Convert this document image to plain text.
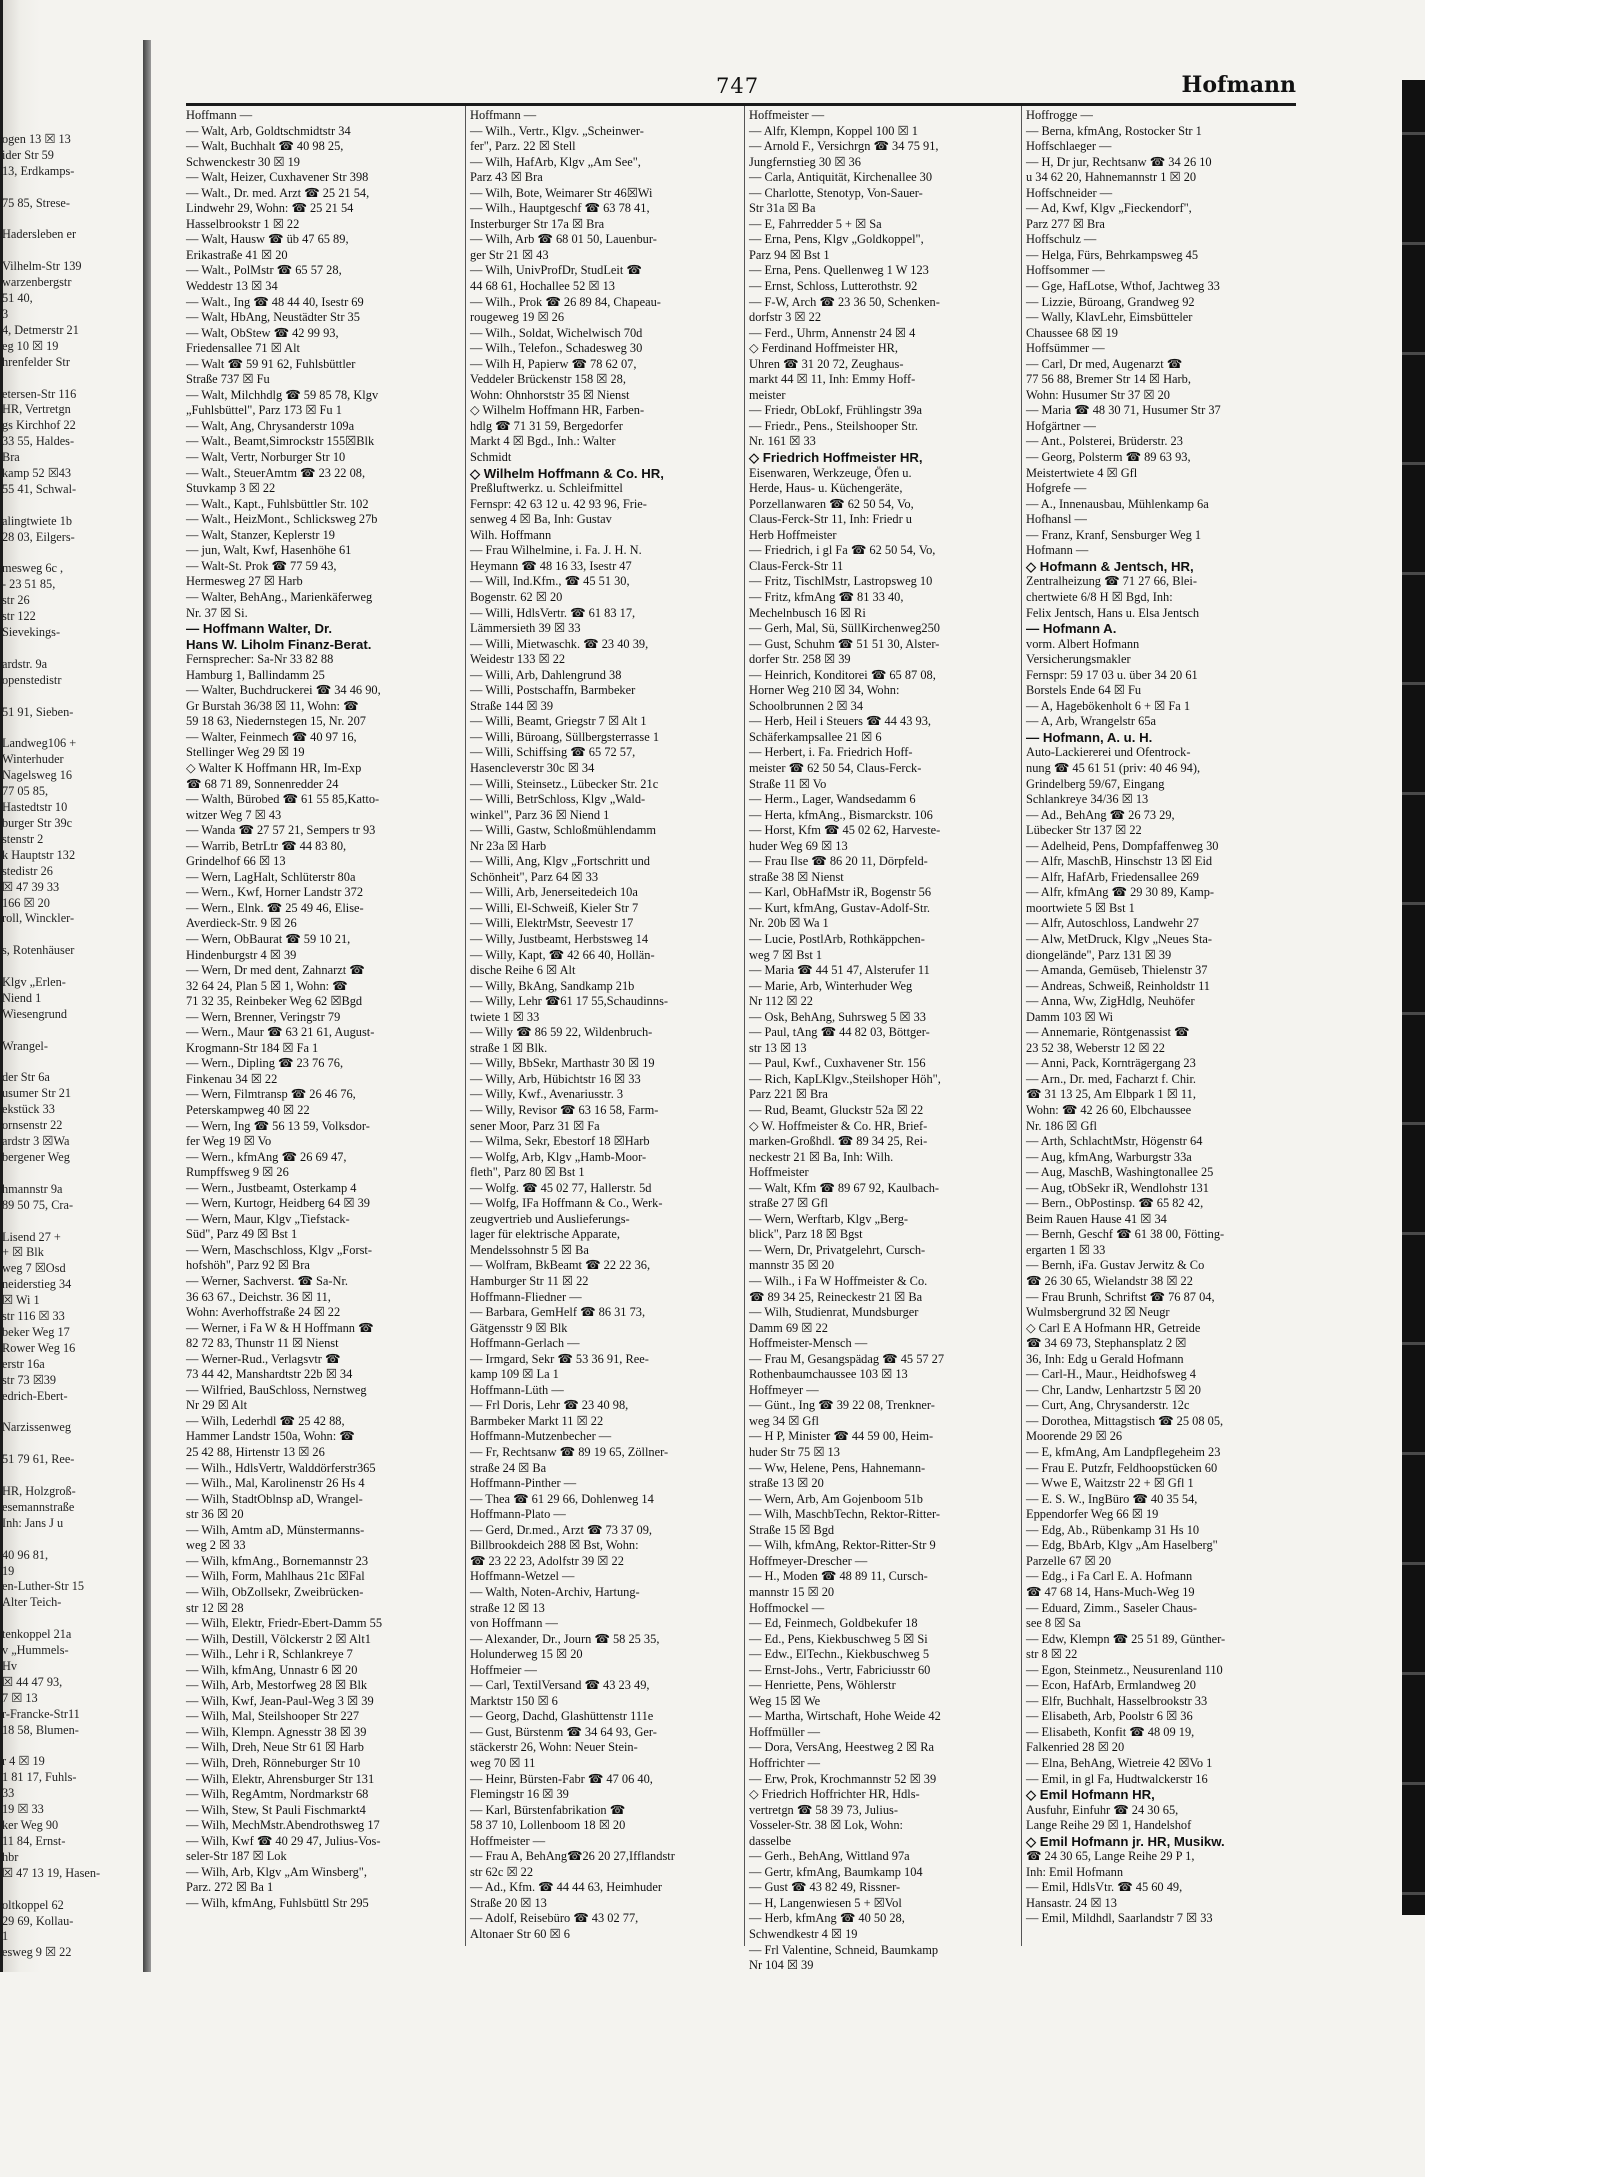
ogen 13 ☒ 13
ider Str 59
13, Erdkamps-

75 85, Strese-

Hadersleben er

Vilhelm-Str 139
warzenbergstr
51 40,
3
4, Detmerstr 21
eg 10 ☒ 19
hrenfelder Str

etersen-Str 116
HR, Vertretgn
gs Kirchhof 22
33 55, Haldes-
Bra
kamp 52 ☒43
55 41, Schwal-

alingtwiete 1b
28 03, Eilgers-

mesweg 6c ,
- 23 51 85,
str 26
str 122
Sievekings-

ardstr. 9a
openstedistr

51 91, Sieben-

Landweg106 +
Winterhuder
Nagelsweg 16
77 05 85,
Hastedtstr 10
burger Str 39c
stenstr 2
k Hauptstr 132
stedistr 26
☒ 47 39 33
166 ☒ 20
roll, Winckler-

s, Rotenhäuser

Klgv „Erlen-
Niend 1
Wiesengrund

Wrangel-

der Str 6a
usumer Str 21
ekstück 33
ornsenstr 22
ardstr 3 ☒Wa
bergener Weg

hmannstr 9a
89 50 75, Cra-

Lisend 27 +
+ ☒ Blk
weg 7 ☒Osd
neiderstieg 34
☒ Wi 1
str 116 ☒ 33
beker Weg 17
Rower Weg 16
erstr 16a
str 73 ☒39
edrich-Ebert-

Narzissenweg

51 79 61, Ree-

HR, Holzgroß-
esemannstraße
Inh: Jans J u

40 96 81,
19
en-Luther-Str 15
Alter Teich-

tenkoppel 21a
v „Hummels-
Hv
☒ 44 47 93,
7 ☒ 13
r-Francke-Str11
18 58, Blumen-

r 4 ☒ 19
1 81 17, Fuhls-
33
19 ☒ 33
ker Weg 90
11 84, Ernst-
hbr
☒ 47 13 19, Hasen-

oltkoppel 62
29 69, Kollau-
1
esweg 9 ☒ 22
747	Hofmann
Hoffmann —
— Walt, Arb, Goldtschmidtstr 34
— Walt, Buchhalt ☎ 40 98 25,
Schwenckestr 30 ☒ 19
— Walt, Heizer, Cuxhavener Str 398
— Walt., Dr. med. Arzt ☎ 25 21 54,
Lindwehr 29, Wohn: ☎ 25 21 54
Hasselbrookstr 1 ☒ 22
— Walt, Hausw ☎ üb 47 65 89,
Erikastraße 41 ☒ 20
— Walt., PolMstr ☎ 65 57 28,
Weddestr 13 ☒ 34
— Walt., Ing ☎ 48 44 40, Isestr 69
— Walt, HbAng, Neustädter Str 35
— Walt, ObStew ☎ 42 99 93,
Friedensallee 71 ☒ Alt
— Walt ☎ 59 91 62, Fuhlsbüttler
Straße 737 ☒ Fu
— Walt, Milchhdlg ☎ 59 85 78, Klgv
„Fuhlsbüttel", Parz 173 ☒ Fu 1
— Walt, Ang, Chrysanderstr 109a
— Walt., Beamt,Simrockstr 155☒Blk
— Walt, Vertr, Norburger Str 10
— Walt., SteuerAmtm ☎ 23 22 08,
Stuvkamp 3 ☒ 22
— Walt., Kapt., Fuhlsbüttler Str. 102
— Walt., HeizMont., Schlicksweg 27b
— Walt, Stanzer, Keplerstr 19
— jun, Walt, Kwf, Hasenhöhe 61
— Walt-St. Prok ☎ 77 59 43,
Hermesweg 27 ☒ Harb
— Walter, BehAng., Marienkäferweg
Nr. 37 ☒ Si.
— Hoffmann Walter, Dr.
Hans W. Liholm Finanz-Berat.
Fernsprecher: Sa-Nr 33 82 88
Hamburg 1, Ballindamm 25
— Walter, Buchdruckerei ☎ 34 46 90,
Gr Burstah 36/38 ☒ 11, Wohn: ☎
59 18 63, Niedernstegen 15, Nr. 207
— Walter, Feinmech ☎ 40 97 16,
Stellinger Weg 29 ☒ 19
◇ Walter K Hoffmann HR, Im-Exp
☎ 68 71 89, Sonnenredder 24
— Walth, Bürobed ☎ 61 55 85,Katto-
witzer Weg 7 ☒ 43
— Wanda ☎ 27 57 21, Sempers tr 93
— Warrib, BetrLtr ☎ 44 83 80,
Grindelhof 66 ☒ 13
— Wern, LagHalt, Schlüterstr 80a
— Wern., Kwf, Horner Landstr 372
— Wern., Elnk. ☎ 25 49 46, Elise-
Averdieck-Str. 9 ☒ 26
— Wern, ObBaurat ☎ 59 10 21,
Hindenburgstr 4 ☒ 39
— Wern, Dr med dent, Zahnarzt ☎
32 64 24, Plan 5 ☒ 1, Wohn: ☎
71 32 35, Reinbeker Weg 62 ☒Bgd
— Wern, Brenner, Veringstr 79
— Wern., Maur ☎ 63 21 61, August-
Krogmann-Str 184 ☒ Fa 1
— Wern., Dipling ☎ 23 76 76,
Finkenau 34 ☒ 22
— Wern, Filmtransp ☎ 26 46 76,
Peterskampweg 40 ☒ 22
— Wern, Ing ☎ 56 13 59, Volksdor-
fer Weg 19 ☒ Vo
— Wern., kfmAng ☎ 26 69 47,
Rumpffsweg 9 ☒ 26
— Wern., Justbeamt, Osterkamp 4
— Wern, Kurtogr, Heidberg 64 ☒ 39
— Wern, Maur, Klgv „Tiefstack-
Süd", Parz 49 ☒ Bst 1
— Wern, Maschschloss, Klgv „Forst-
hofshöh", Parz 92 ☒ Bra
— Werner, Sachverst. ☎ Sa-Nr.
36 63 67., Deichstr. 36 ☒ 11,
Wohn: Averhoffstraße 24 ☒ 22
— Werner, i Fa W & H Hoffmann ☎
82 72 83, Thunstr 11 ☒ Nienst
— Werner-Rud., Verlagsvtr ☎
73 44 42, Manshardtstr 22b ☒ 34
— Wilfried, BauSchloss, Nernstweg
Nr 29 ☒ Alt
— Wilh, Lederhdl ☎ 25 42 88,
Hammer Landstr 150a, Wohn: ☎
25 42 88, Hirtenstr 13 ☒ 26
— Wilh., HdlsVertr, Walddörferstr365
— Wilh., Mal, Karolinenstr 26 Hs 4
— Wilh, StadtOblnsp aD, Wrangel-
str 36 ☒ 20
— Wilh, Amtm aD, Münstermanns-
weg 2 ☒ 33
— Wilh, kfmAng., Bornemannstr 23
— Wilh, Form, Mahlhaus 21c ☒Fal
— Wilh, ObZollsekr, Zweibrücken-
str 12 ☒ 28
— Wilh, Elektr, Friedr-Ebert-Damm 55
— Wilh, Destill, Völckerstr 2 ☒ Alt1
— Wilh., Lehr i R, Schlankreye 7
— Wilh, kfmAng, Unnastr 6 ☒ 20
— Wilh, Arb, Mestorfweg 28 ☒ Blk
— Wilh, Kwf, Jean-Paul-Weg 3 ☒ 39
— Wilh, Mal, Steilshooper Str 227
— Wilh, Klempn. Agnesstr 38 ☒ 39
— Wilh, Dreh, Neue Str 61 ☒ Harb
— Wilh, Dreh, Rönneburger Str 10
— Wilh, Elektr, Ahrensburger Str 131
— Wilh, RegAmtm, Nordmarkstr 68
— Wilh, Stew, St Pauli Fischmarkt4
— Wilh, MechMstr.Abendrothsweg 17
— Wilh, Kwf ☎ 40 29 47, Julius-Vos-
seler-Str 187 ☒ Lok
— Wilh, Arb, Klgv „Am Winsberg",
Parz. 272 ☒ Ba 1
— Wilh, kfmAng, Fuhlsbüttl Str 295
Hoffmann —
— Wilh., Vertr., Klgv. „Scheinwer-
fer", Parz. 22 ☒ Stell
— Wilh, HafArb, Klgv „Am See",
Parz 43 ☒ Bra
— Wilh, Bote, Weimarer Str 46☒Wi
— Wilh., Hauptgeschf ☎ 63 78 41,
Insterburger Str 17a ☒ Bra
— Wilh, Arb ☎ 68 01 50, Lauenbur-
ger Str 21 ☒ 43
— Wilh, UnivProfDr, StudLeit ☎
44 68 61, Hochallee 52 ☒ 13
— Wilh., Prok ☎ 26 89 84, Chapeau-
rougeweg 19 ☒ 26
— Wilh., Soldat, Wichelwisch 70d
— Wilh., Telefon., Schadesweg 30
— Wilh H, Papierw ☎ 78 62 07,
Veddeler Brückenstr 158 ☒ 28,
Wohn: Ohnhorststr 35 ☒ Nienst
◇ Wilhelm Hoffmann HR, Farben-
hdlg ☎ 71 31 59, Bergedorfer
Markt 4 ☒ Bgd., Inh.: Walter
Schmidt
◇ Wilhelm Hoffmann & Co. HR,
Preßluftwerkz. u. Schleifmittel
Fernspr: 42 63 12 u. 42 93 96, Frie-
senweg 4 ☒ Ba, Inh: Gustav
Wilh. Hoffmann
— Frau Wilhelmine, i. Fa. J. H. N.
Heymann ☎ 48 16 33, Isestr 47
— Will, Ind.Kfm., ☎ 45 51 30,
Bogenstr. 62 ☒ 20
— Willi, HdlsVertr. ☎ 61 83 17,
Lämmersieth 39 ☒ 33
— Willi, Mietwaschk. ☎ 23 40 39,
Weidestr 133 ☒ 22
— Willi, Arb, Dahlengrund 38
— Willi, Postschaffn, Barmbeker
Straße 144 ☒ 39
— Willi, Beamt, Griegstr 7 ☒ Alt 1
— Willi, Büroang, Süllbergsterrasse 1
— Willi, Schiffsing ☎ 65 72 57,
Hasencleverstr 30c ☒ 34
— Willi, Steinsetz., Lübecker Str. 21c
— Willi, BetrSchloss, Klgv „Wald-
winkel", Parz 36 ☒ Niend 1
— Willi, Gastw, Schloßmühlendamm
Nr 23a ☒ Harb
— Willi, Ang, Klgv „Fortschritt und
Schönheit", Parz 64 ☒ 33
— Willi, Arb, Jenerseitedeich 10a
— Willi, El-Schweiß, Kieler Str 7
— Willi, ElektrMstr, Seevestr 17
— Willy, Justbeamt, Herbstsweg 14
— Willy, Kapt, ☎ 42 66 40, Hollän-
dische Reihe 6 ☒ Alt
— Willy, BkAng, Sandkamp 21b
— Willy, Lehr ☎61 17 55,Schaudinns-
twiete 1 ☒ 33
— Willy ☎ 86 59 22, Wildenbruch-
straße 1 ☒ Blk.
— Willy, BbSekr, Marthastr 30 ☒ 19
— Willy, Arb, Hübichtstr 16 ☒ 33
— Willy, Kwf., Avenariusstr. 3
— Willy, Revisor ☎ 63 16 58, Farm-
sener Moor, Parz 31 ☒ Fa
— Wilma, Sekr, Ebestorf 18 ☒Harb
— Wolfg, Arb, Klgv „Hamb-Moor-
fleth", Parz 80 ☒ Bst 1
— Wolfg. ☎ 45 02 77, Hallerstr. 5d
— Wolfg, IFa Hoffmann & Co., Werk-
zeugvertrieb und Auslieferungs-
lager für elektrische Apparate,
Mendelssohnstr 5 ☒ Ba
— Wolfram, BkBeamt ☎ 22 22 36,
Hamburger Str 11 ☒ 22
Hoffmann-Fliedner —
— Barbara, GemHelf ☎ 86 31 73,
Gätgensstr 9 ☒ Blk
Hoffmann-Gerlach —
— Irmgard, Sekr ☎ 53 36 91, Ree-
kamp 109 ☒ La 1
Hoffmann-Lüth —
— Frl Doris, Lehr ☎ 23 40 98,
Barmbeker Markt 11 ☒ 22
Hoffmann-Mutzenbecher —
— Fr, Rechtsanw ☎ 89 19 65, Zöllner-
straße 24 ☒ Ba
Hoffmann-Pinther —
— Thea ☎ 61 29 66, Dohlenweg 14
Hoffmann-Plato —
— Gerd, Dr.med., Arzt ☎ 73 37 09,
Billbrookdeich 288 ☒ Bst, Wohn:
☎ 23 22 23, Adolfstr 39 ☒ 22
Hoffmann-Wetzel —
— Walth, Noten-Archiv, Hartung-
straße 12 ☒ 13
von Hoffmann —
— Alexander, Dr., Journ ☎ 58 25 35,
Holunderweg 15 ☒ 20
Hoffmeier —
— Carl, TextilVersand ☎ 43 23 49,
Marktstr 150 ☒ 6
— Georg, Dachd, Glashüttenstr 111e
— Gust, Bürstenm ☎ 34 64 93, Ger-
stäckerstr 26, Wohn: Neuer Stein-
weg 70 ☒ 11
— Heinr, Bürsten-Fabr ☎ 47 06 40,
Flemingstr 16 ☒ 39
— Karl, Bürstenfabrikation ☎
58 37 10, Lollenboom 18 ☒ 20
Hoffmeister —
— Frau A, BehAng☎26 20 27,Ifflandstr
str 62c ☒ 22
— Ad., Kfm. ☎ 44 44 63, Heimhuder
Straße 20 ☒ 13
— Adolf, Reisebüro ☎ 43 02 77,
Altonaer Str 60 ☒ 6
Hoffmeister —
— Alfr, Klempn, Koppel 100 ☒ 1
— Arnold F., Versichrgn ☎ 34 75 91,
Jungfernstieg 30 ☒ 36
— Carla, Antiquität, Kirchenallee 30
— Charlotte, Stenotyp, Von-Sauer-
Str 31a ☒ Ba
— E, Fahrredder 5 + ☒ Sa
— Erna, Pens, Klgv „Goldkoppel",
Parz 94 ☒ Bst 1
— Erna, Pens. Quellenweg 1 W 123
— Ernst, Schloss, Lutterothstr. 92
— F-W, Arch ☎ 23 36 50, Schenken-
dorfstr 3 ☒ 22
— Ferd., Uhrm, Annenstr 24 ☒ 4
◇ Ferdinand Hoffmeister HR,
Uhren ☎ 31 20 72, Zeughaus-
markt 44 ☒ 11, Inh: Emmy Hoff-
meister
— Friedr, ObLokf, Frühlingstr 39a
— Friedr., Pens., Steilshooper Str.
Nr. 161 ☒ 33
◇ Friedrich Hoffmeister HR,
Eisenwaren, Werkzeuge, Öfen u.
Herde, Haus- u. Küchengeräte,
Porzellanwaren ☎ 62 50 54, Vo,
Claus-Ferck-Str 11, Inh: Friedr u
Herb Hoffmeister
— Friedrich, i gl Fa ☎ 62 50 54, Vo,
Claus-Ferck-Str 11
— Fritz, TischlMstr, Lastropsweg 10
— Fritz, kfmAng ☎ 81 33 40,
Mechelnbusch 16 ☒ Ri
— Gerh, Mal, Sü, SüllKirchenweg250
— Gust, Schuhm ☎ 51 51 30, Alster-
dorfer Str. 258 ☒ 39
— Heinrich, Konditorei ☎ 65 87 08,
Horner Weg 210 ☒ 34, Wohn:
Schoolbrunnen 2 ☒ 34
— Herb, Heil i Steuers ☎ 44 43 93,
Schäferkampsallee 21 ☒ 6
— Herbert, i. Fa. Friedrich Hoff-
meister ☎ 62 50 54, Claus-Ferck-
Straße 11 ☒ Vo
— Herm., Lager, Wandsedamm 6
— Herta, kfmAng., Bismarckstr. 106
— Horst, Kfm ☎ 45 02 62, Harveste-
huder Weg 69 ☒ 13
— Frau Ilse ☎ 86 20 11, Dörpfeld-
straße 38 ☒ Nienst
— Karl, ObHafMstr iR, Bogenstr 56
— Kurt, kfmAng, Gustav-Adolf-Str.
Nr. 20b ☒ Wa 1
— Lucie, PostlArb, Rothkäppchen-
weg 7 ☒ Bst 1
— Maria ☎ 44 51 47, Alsterufer 11
— Marie, Arb, Winterhuder Weg
Nr 112 ☒ 22
— Osk, BehAng, Suhrsweg 5 ☒ 33
— Paul, tAng ☎ 44 82 03, Böttger-
str 13 ☒ 13
— Paul, Kwf., Cuxhavener Str. 156
— Rich, KapLKlgv.,Steilshoper Höh",
Parz 221 ☒ Bra
— Rud, Beamt, Gluckstr 52a ☒ 22
◇ W. Hoffmeister & Co. HR, Brief-
marken-Großhdl. ☎ 89 34 25, Rei-
neckestr 21 ☒ Ba, Inh: Wilh.
Hoffmeister
— Walt, Kfm ☎ 89 67 92, Kaulbach-
straße 27 ☒ Gfl
— Wern, Werftarb, Klgv „Berg-
blick", Parz 18 ☒ Bgst
— Wern, Dr, Privatgelehrt, Cursch-
mannstr 35 ☒ 20
— Wilh., i Fa W Hoffmeister & Co.
☎ 89 34 25, Reineckestr 21 ☒ Ba
— Wilh, Studienrat, Mundsburger
Damm 69 ☒ 22
Hoffmeister-Mensch —
— Frau M, Gesangspädag ☎ 45 57 27
Rothenbaumchaussee 103 ☒ 13
Hoffmeyer —
— Günt., Ing ☎ 39 22 08, Trenkner-
weg 34 ☒ Gfl
— H P, Minister ☎ 44 59 00, Heim-
huder Str 75 ☒ 13
— Ww, Helene, Pens, Hahnemann-
straße 13 ☒ 20
— Wern, Arb, Am Gojenboom 51b
— Wilh, MaschbTechn, Rektor-Ritter-
Straße 15 ☒ Bgd
— Wilh, kfmAng, Rektor-Ritter-Str 9
Hoffmeyer-Drescher —
— H., Moden ☎ 48 89 11, Cursch-
mannstr 15 ☒ 20
Hoffmockel —
— Ed, Feinmech, Goldbekufer 18
— Ed., Pens, Kiekbuschweg 5 ☒ Si
— Edw., ElTechn., Kiekbuschweg 5
— Ernst-Johs., Vertr, Fabriciusstr 60
— Henriette, Pens, Wöhlerstr
Weg 15 ☒ We
— Martha, Wirtschaft, Hohe Weide 42
Hoffmüller —
— Dora, VersAng, Heestweg 2 ☒ Ra
Hoffrichter —
— Erw, Prok, Krochmannstr 52 ☒ 39
◇ Friedrich Hoffrichter HR, Hdls-
vertretgn ☎ 58 39 73, Julius-
Vosseler-Str. 38 ☒ Lok, Wohn:
dasselbe
— Gerh., BehAng, Wittland 97a
— Gertr, kfmAng, Baumkamp 104
— Gust ☎ 43 82 49, Rissner-
— H, Langenwiesen 5 + ☒Vol
— Herb, kfmAng ☎ 40 50 28,
Schwendkestr 4 ☒ 19
— Frl Valentine, Schneid, Baumkamp
Nr 104 ☒ 39
Hoffrogge —
— Berna, kfmAng, Rostocker Str 1
Hoffschlaeger —
— H, Dr jur, Rechtsanw ☎ 34 26 10
u 34 62 20, Hahnemannstr 1 ☒ 20
Hoffschneider —
— Ad, Kwf, Klgv „Fieckendorf",
Parz 277 ☒ Bra
Hoffschulz —
— Helga, Fürs, Behrkampsweg 45
Hoffsommer —
— Gge, HafLotse, Wthof, Jachtweg 33
— Lizzie, Büroang, Grandweg 92
— Wally, KlavLehr, Eimsbütteler
Chaussee 68 ☒ 19
Hoffsümmer —
— Carl, Dr med, Augenarzt ☎
77 56 88, Bremer Str 14 ☒ Harb,
Wohn: Husumer Str 37 ☒ 20
— Maria ☎ 48 30 71, Husumer Str 37
Hofgärtner —
— Ant., Polsterei, Brüderstr. 23
— Georg, Polsterm ☎ 89 63 93,
Meistertwiete 4 ☒ Gfl
Hofgrefe —
— A., Innenausbau, Mühlenkamp 6a
Hofhansl —
— Franz, Kranf, Sensburger Weg 1
Hofmann —
◇ Hofmann & Jentsch, HR,
Zentralheizung ☎ 71 27 66, Blei-
chertwiete 6/8 H ☒ Bgd, Inh:
Felix Jentsch, Hans u. Elsa Jentsch
— Hofmann A.
vorm. Albert Hofmann
Versicherungsmakler
Fernspr: 59 17 03 u. über 34 20 61
Borstels Ende 64 ☒ Fu
— A, Hagebökenholt 6 + ☒ Fa 1
— A, Arb, Wrangelstr 65a
— Hofmann, A. u. H.
Auto-Lackiererei und Ofentrock-
nung ☎ 45 61 51 (priv: 40 46 94),
Grindelberg 59/67, Eingang
Schlankreye 34/36 ☒ 13
— Ad., BehAng ☎ 26 73 29,
Lübecker Str 137 ☒ 22
— Adelheid, Pens, Dompfaffenweg 30
— Alfr, MaschB, Hinschstr 13 ☒ Eid
— Alfr, HafArb, Friedensallee 269
— Alfr, kfmAng ☎ 29 30 89, Kamp-
moortwiete 5 ☒ Bst 1
— Alfr, Autoschloss, Landwehr 27
— Alw, MetDruck, Klgv „Neues Sta-
diongelände", Parz 131 ☒ 39
— Amanda, Gemüseb, Thielenstr 37
— Andreas, Schweiß, Reinholdstr 11
— Anna, Ww, ZigHdlg, Neuhöfer
Damm 103 ☒ Wi
— Annemarie, Röntgenassist ☎
23 52 38, Weberstr 12 ☒ 22
— Anni, Pack, Kornträgergang 23
— Arn., Dr. med, Facharzt f. Chir.
☎ 31 13 25, Am Elbpark 1 ☒ 11,
Wohn: ☎ 42 26 60, Elbchaussee
Nr. 186 ☒ Gfl
— Arth, SchlachtMstr, Högenstr 64
— Aug, kfmAng, Warburgstr 33a
— Aug, MaschB, Washingtonallee 25
— Aug, tObSekr iR, Wendlohstr 131
— Bern., ObPostinsp. ☎ 65 82 42,
Beim Rauen Hause 41 ☒ 34
— Bernh, Geschf ☎ 61 38 00, Fötting-
ergarten 1 ☒ 33
— Bernh, iFa. Gustav Jerwitz & Co
☎ 26 30 65, Wielandstr 38 ☒ 22
— Frau Brunh, Schriftst ☎ 76 87 04,
Wulmsbergrund 32 ☒ Neugr
◇ Carl E A Hofmann HR, Getreide
☎ 34 69 73, Stephansplatz 2 ☒
36, Inh: Edg u Gerald Hofmann
— Carl-H., Maur., Heidhofsweg 4
— Chr, Landw, Lenhartzstr 5 ☒ 20
— Curt, Ang, Chrysanderstr. 12c
— Dorothea, Mittagstisch ☎ 25 08 05,
Moorende 29 ☒ 26
— E, kfmAng, Am Landpflegeheim 23
— Frau E. Putzfr, Feldhoopstücken 60
— Wwe E, Waitzstr 22 + ☒ Gfl 1
— E. S. W., IngBüro ☎ 40 35 54,
Eppendorfer Weg 66 ☒ 19
— Edg, Ab., Rübenkamp 31 Hs 10
— Edg, BbArb, Klgv „Am Haselberg"
Parzelle 67 ☒ 20
— Edg., i Fa Carl E. A. Hofmann
☎ 47 68 14, Hans-Much-Weg 19
— Eduard, Zimm., Saseler Chaus-
see 8 ☒ Sa
— Edw, Klempn ☎ 25 51 89, Günther-
str 8 ☒ 22
— Egon, Steinmetz., Neusurenland 110
— Econ, HafArb, Ermlandweg 20
— Elfr, Buchhalt, Hasselbrookstr 33
— Elisabeth, Arb, Poolstr 6 ☒ 36
— Elisabeth, Konfit ☎ 48 09 19,
Falkenried 28 ☒ 20
— Elna, BehAng, Wietreie 42 ☒Vo 1
— Emil, in gl Fa, Hudtwalckerstr 16
◇ Emil Hofmann HR,
Ausfuhr, Einfuhr ☎ 24 30 65,
Lange Reihe 29 ☒ 1, Handelshof
◇ Emil Hofmann jr. HR, Musikw.
☎ 24 30 65, Lange Reihe 29 P 1,
Inh: Emil Hofmann
— Emil, HdlsVtr. ☎ 45 60 49,
Hansastr. 24 ☒ 13
— Emil, Mildhdl, Saarlandstr 7 ☒ 33
